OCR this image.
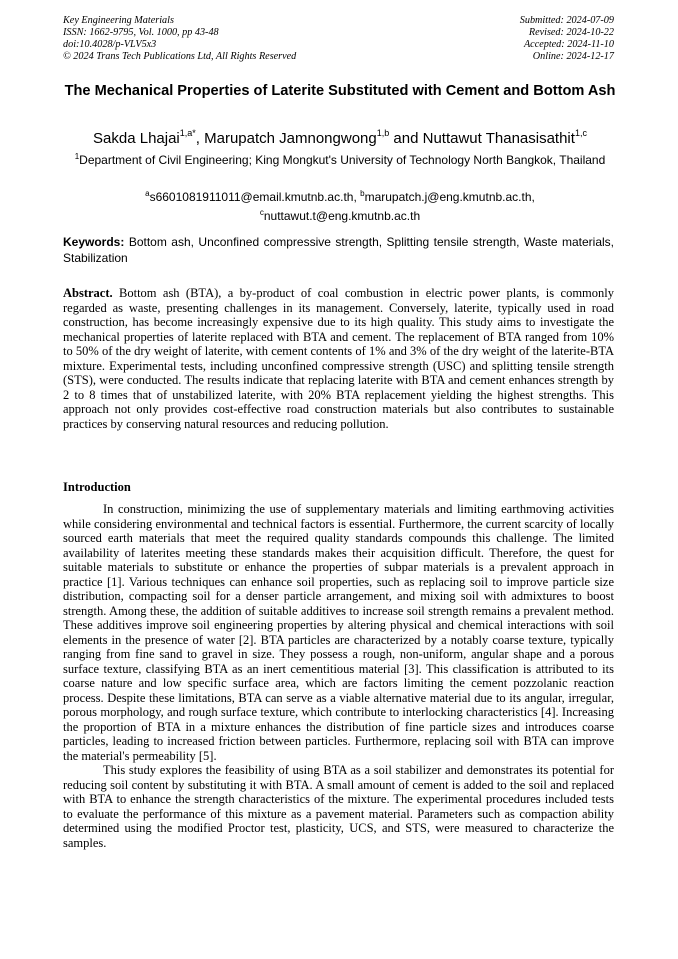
Key Engineering Materials
ISSN: 1662-9795, Vol. 1000, pp 43-48
doi:10.4028/p-VLV5x3
© 2024 Trans Tech Publications Ltd, All Rights Reserved
Submitted: 2024-07-09
Revised: 2024-10-22
Accepted: 2024-11-10
Online: 2024-12-17
The Mechanical Properties of Laterite Substituted with Cement and Bottom Ash
Sakda Lhajai$^{1,a*}$, Marupatch Jamnongwong$^{1,b}$ and Nuttawut Thanasisathit$^{1,c}$
$^1$Department of Civil Engineering; King Mongkut's University of Technology North Bangkok, Thailand
$^a$s6601081911011@email.kmutnb.ac.th, $^b$marupatch.j@eng.kmutnb.ac.th,
$^c$nuttawut.t@eng.kmutnb.ac.th
Keywords: Bottom ash, Unconfined compressive strength, Splitting tensile strength, Waste materials, Stabilization
Abstract. Bottom ash (BTA), a by-product of coal combustion in electric power plants, is commonly regarded as waste, presenting challenges in its management. Conversely, laterite, typically used in road construction, has become increasingly expensive due to its high quality. This study aims to investigate the mechanical properties of laterite replaced with BTA and cement. The replacement of BTA ranged from 10% to 50% of the dry weight of laterite, with cement contents of 1% and 3% of the dry weight of the laterite-BTA mixture. Experimental tests, including unconfined compressive strength (USC) and splitting tensile strength (STS), were conducted. The results indicate that replacing laterite with BTA and cement enhances strength by 2 to 8 times that of unstabilized laterite, with 20% BTA replacement yielding the highest strengths. This approach not only provides cost-effective road construction materials but also contributes to sustainable practices by conserving natural resources and reducing pollution.
Introduction

In construction, minimizing the use of supplementary materials and limiting earthmoving activities while considering environmental and technical factors is essential. Furthermore, the current scarcity of locally sourced earth materials that meet the required quality standards compounds this challenge. The limited availability of laterites meeting these standards makes their acquisition difficult. Therefore, the quest for suitable materials to substitute or enhance the properties of subpar materials is a prevalent approach in practice [1]. Various techniques can enhance soil properties, such as replacing soil to improve particle size distribution, compacting soil for a denser particle arrangement, and mixing soil with admixtures to boost strength. Among these, the addition of suitable additives to increase soil strength remains a prevalent method. These additives improve soil engineering properties by altering physical and chemical interactions with soil elements in the presence of water [2]. BTA particles are characterized by a notably coarse texture, typically ranging from fine sand to gravel in size. They possess a rough, non-uniform, angular shape and a porous surface texture, classifying BTA as an inert cementitious material [3]. This classification is attributed to its coarse nature and low specific surface area, which are factors limiting the cement pozzolanic reaction process. Despite these limitations, BTA can serve as a viable alternative material due to its angular, irregular, porous morphology, and rough surface texture, which contribute to interlocking characteristics [4]. Increasing the proportion of BTA in a mixture enhances the distribution of fine particle sizes and introduces coarse particles, leading to increased friction between particles. Furthermore, replacing soil with BTA can improve the material's permeability [5].

This study explores the feasibility of using BTA as a soil stabilizer and demonstrates its potential for reducing soil content by substituting it with BTA. A small amount of cement is added to the soil and replaced with BTA to enhance the strength characteristics of the mixture. The experimental procedures included tests to evaluate the performance of this mixture as a pavement material. Parameters such as compaction ability determined using the modified Proctor test, plasticity, UCS, and STS, were measured to characterize the samples.
